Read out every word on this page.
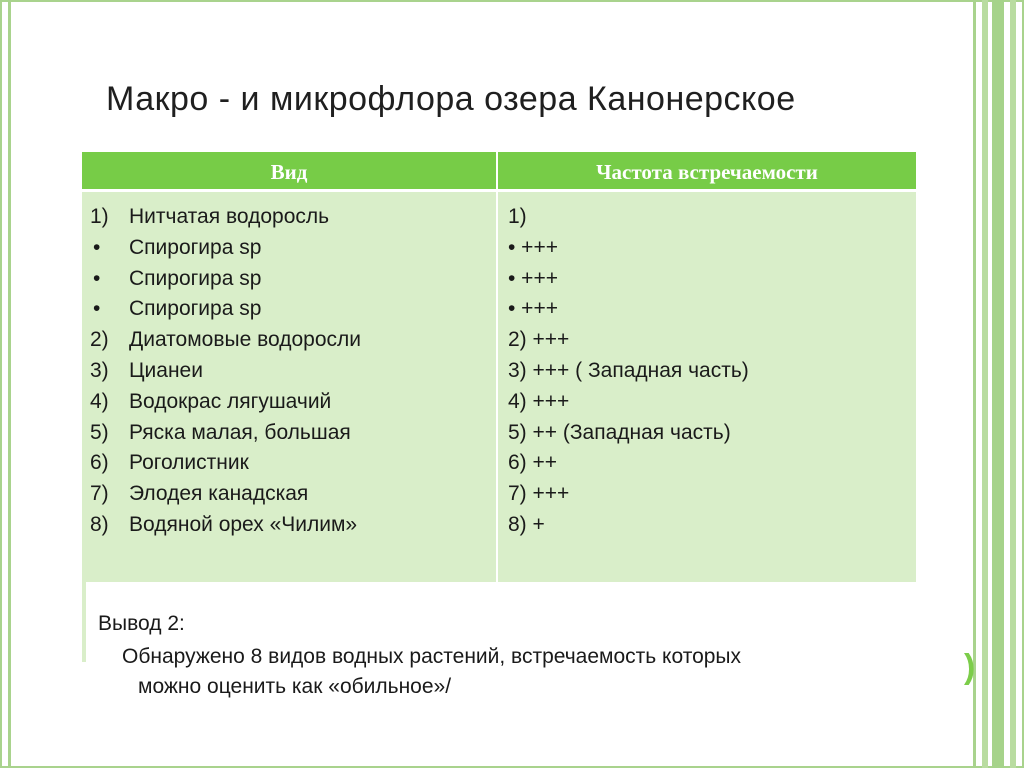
Макро - и микрофлора озера Канонерское
Вид	Частота встречаемости
1) Нитчатая водоросль
• Спирогира sp
• Спирогира sp
• Спирогира sp
2) Диатомовые водоросли
3) Цианеи
4) Водокрас лягушачий
5) Ряска малая, большая
6) Роголистник
7) Элодея канадская
8) Водяной орех «Чилим»
1)
• +++
• +++
• +++
2) +++
3) +++ ( Западная часть)
4) +++
5) ++ (Западная часть)
6) ++
7) +++
8) +

Вывод 2:

Обнаружено 8 видов водных растений, встречаемость которых
можно оценить как «обильное»/

)
